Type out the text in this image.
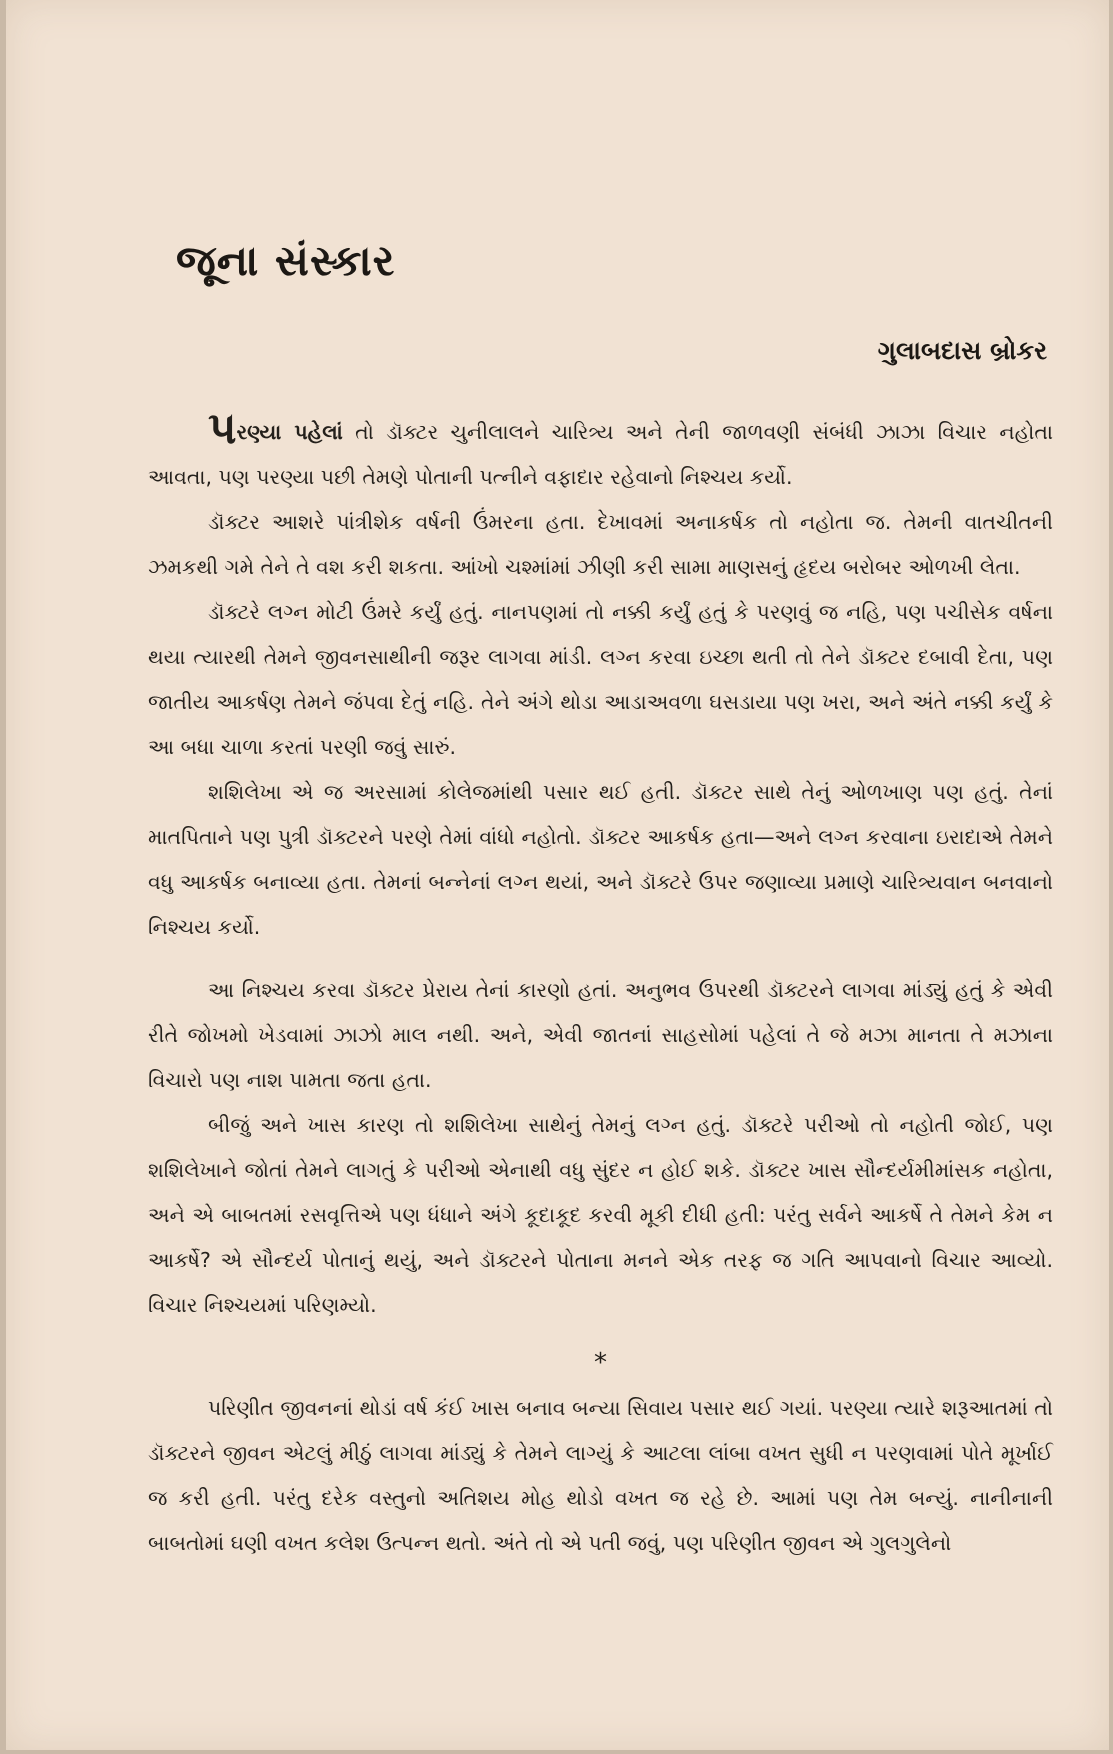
જૂના સંસ્કાર
ગુલાબદાસ બ્રોકર

પરણ્યા પહેલાં તો ડૉક્ટર ચુનીલાલને ચારિત્ર્ય અને તેની જાળવણી સંબંધી ઝાઝા વિચાર નહોતા આવતા, પણ પરણ્યા પછી તેમણે પોતાની પત્નીને વફાદાર રહેવાનો નિશ્ચય કર્યો.

ડૉક્ટર આશરે પાંત્રીશેક વર્ષની ઉંમરના હતા. દેખાવમાં અનાકર્ષક તો નહોતા જ. તેમની વાતચીતની ઝમકથી ગમે તેને તે વશ કરી શકતા. આંખો ચશ્માંમાં ઝીણી કરી સામા માણસનું હૃદય બરોબર ઓળખી લેતા.

ડૉક્ટરે લગ્ન મોટી ઉંમરે કર્યું હતું. નાનપણમાં તો નક્કી કર્યું હતું કે પરણવું જ નહિ, પણ પચીસેક વર્ષના થયા ત્યારથી તેમને જીવનસાથીની જરૂર લાગવા માંડી. લગ્ન કરવા ઇચ્છા થતી તો તેને ડૉક્ટર દબાવી દેતા, પણ જાતીય આકર્ષણ તેમને જંપવા દેતું નહિ. તેને અંગે થોડા આડાઅવળા ઘસડાયા પણ ખરા, અને અંતે નક્કી કર્યું કે આ બધા ચાળા કરતાં પરણી જવું સારું.

શશિલેખા એ જ અરસામાં કોલેજમાંથી પસાર થઈ હતી. ડૉક્ટર સાથે તેનું ઓળખાણ પણ હતું. તેનાં માતપિતાને પણ પુત્રી ડૉક્ટરને પરણે તેમાં વાંધો નહોતો. ડૉક્ટર આકર્ષક હતા—અને લગ્ન કરવાના ઇરાદાએ તેમને વધુ આકર્ષક બનાવ્યા હતા. તેમનાં બન્નેનાં લગ્ન થયાં, અને ડૉક્ટરે ઉપર જણાવ્યા પ્રમાણે ચારિત્ર્યવાન બનવાનો નિશ્ચય કર્યો.

આ નિશ્ચય કરવા ડૉક્ટર પ્રેરાય તેનાં કારણો હતાં. અનુભવ ઉપરથી ડૉક્ટરને લાગવા માંડ્યું હતું કે એવી રીતે જોખમો ખેડવામાં ઝાઝો માલ નથી. અને, એવી જાતનાં સાહસોમાં પહેલાં તે જે મઝા માનતા તે મઝાના વિચારો પણ નાશ પામતા જતા હતા.

બીજું અને ખાસ કારણ તો શશિલેખા સાથેનું તેમનું લગ્ન હતું. ડૉક્ટરે પરીઓ તો નહોતી જોઈ, પણ શશિલેખાને જોતાં તેમને લાગતું કે પરીઓ એનાથી વધુ સુંદર ન હોઈ શકે. ડૉક્ટર ખાસ સૌન્દર્યમીમાંસક નહોતા, અને એ બાબતમાં રસવૃત્તિએ પણ ધંધાને અંગે કૂદાકૂદ કરવી મૂકી દીધી હતી: પરંતુ સર્વને આકર્ષે તે તેમને કેમ ન આકર્ષે? એ સૌન્દર્ય પોતાનું થયું, અને ડૉક્ટરને પોતાના મનને એક તરફ જ ગતિ આપવાનો વિચાર આવ્યો. વિચાર નિશ્ચયમાં પરિણમ્યો.

*

પરિણીત જીવનનાં થોડાં વર્ષ કંઈ ખાસ બનાવ બન્યા સિવાય પસાર થઈ ગયાં. પરણ્યા ત્યારે શરૂઆતમાં તો ડૉક્ટરને જીવન એટલું મીઠું લાગવા માંડ્યું કે તેમને લાગ્યું કે આટલા લાંબા વખત સુધી ન પરણવામાં પોતે મૂર્ખાઈ જ કરી હતી. પરંતુ દરેક વસ્તુનો અતિશય મોહ થોડો વખત જ રહે છે. આમાં પણ તેમ બન્યું. નાનીનાની બાબતોમાં ઘણી વખત કલેશ ઉત્પન્ન થતો. અંતે તો એ પતી જવું, પણ પરિણીત જીવન એ ગુલગુલેનો
